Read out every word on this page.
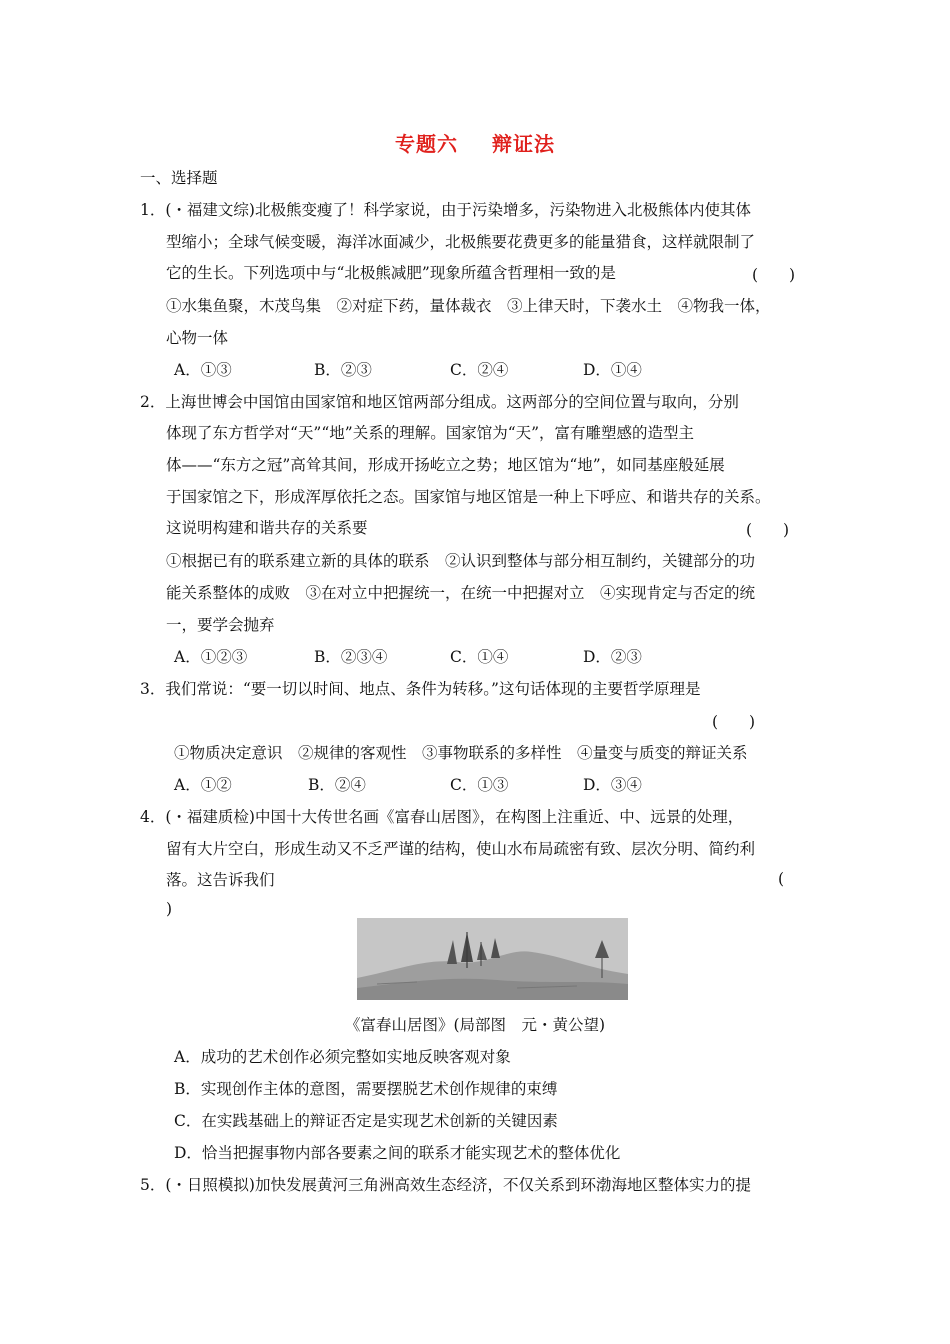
专题六 辩证法
一、选择题
1．(・福建文综)北极熊变瘦了！科学家说，由于污染增多，污染物进入北极熊体内使其体
型缩小；全球气候变暖，海洋冰面减少，北极熊要花费更多的能量猎食，这样就限制了
它的生长。下列选项中与“北极熊减肥”现象所蕴含哲理相一致的是	(　　)
①水集鱼聚，木茂鸟集　②对症下药，量体裁衣　③上律天时，下袭水土　④物我一体，
心物一体
A．①③	B．②③	C．②④	D．①④
2．上海世博会中国馆由国家馆和地区馆两部分组成。这两部分的空间位置与取向，分别
体现了东方哲学对“天”“地”关系的理解。国家馆为“天”，富有雕塑感的造型主
体——“东方之冠”高耸其间，形成开扬屹立之势；地区馆为“地”，如同基座般延展
于国家馆之下，形成浑厚依托之态。国家馆与地区馆是一种上下呼应、和谐共存的关系。
这说明构建和谐共存的关系要	(　　)
①根据已有的联系建立新的具体的联系　②认识到整体与部分相互制约，关键部分的功
能关系整体的成败　③在对立中把握统一，在统一中把握对立　④实现肯定与否定的统
一，要学会抛弃
A．①②③	B．②③④	C．①④	D．②③
3．我们常说：“要一切以时间、地点、条件为转移。”这句话体现的主要哲学原理是
(　　)
①物质决定意识　②规律的客观性　③事物联系的多样性　④量变与质变的辩证关系
A．①②	B．②④	C．①③	D．③④
4．(・福建质检)中国十大传世名画《富春山居图》，在构图上注重近、中、远景的处理，
留有大片空白，形成生动又不乏严谨的结构，使山水布局疏密有致、层次分明、简约利
落。这告诉我们	(
)
《富春山居图》(局部图　元・黄公望)
A．成功的艺术创作必须完整如实地反映客观对象
B．实现创作主体的意图，需要摆脱艺术创作规律的束缚
C．在实践基础上的辩证否定是实现艺术创新的关键因素
D．恰当把握事物内部各要素之间的联系才能实现艺术的整体优化
5．(・日照模拟)加快发展黄河三角洲高效生态经济，不仅关系到环渤海地区整体实力的提
